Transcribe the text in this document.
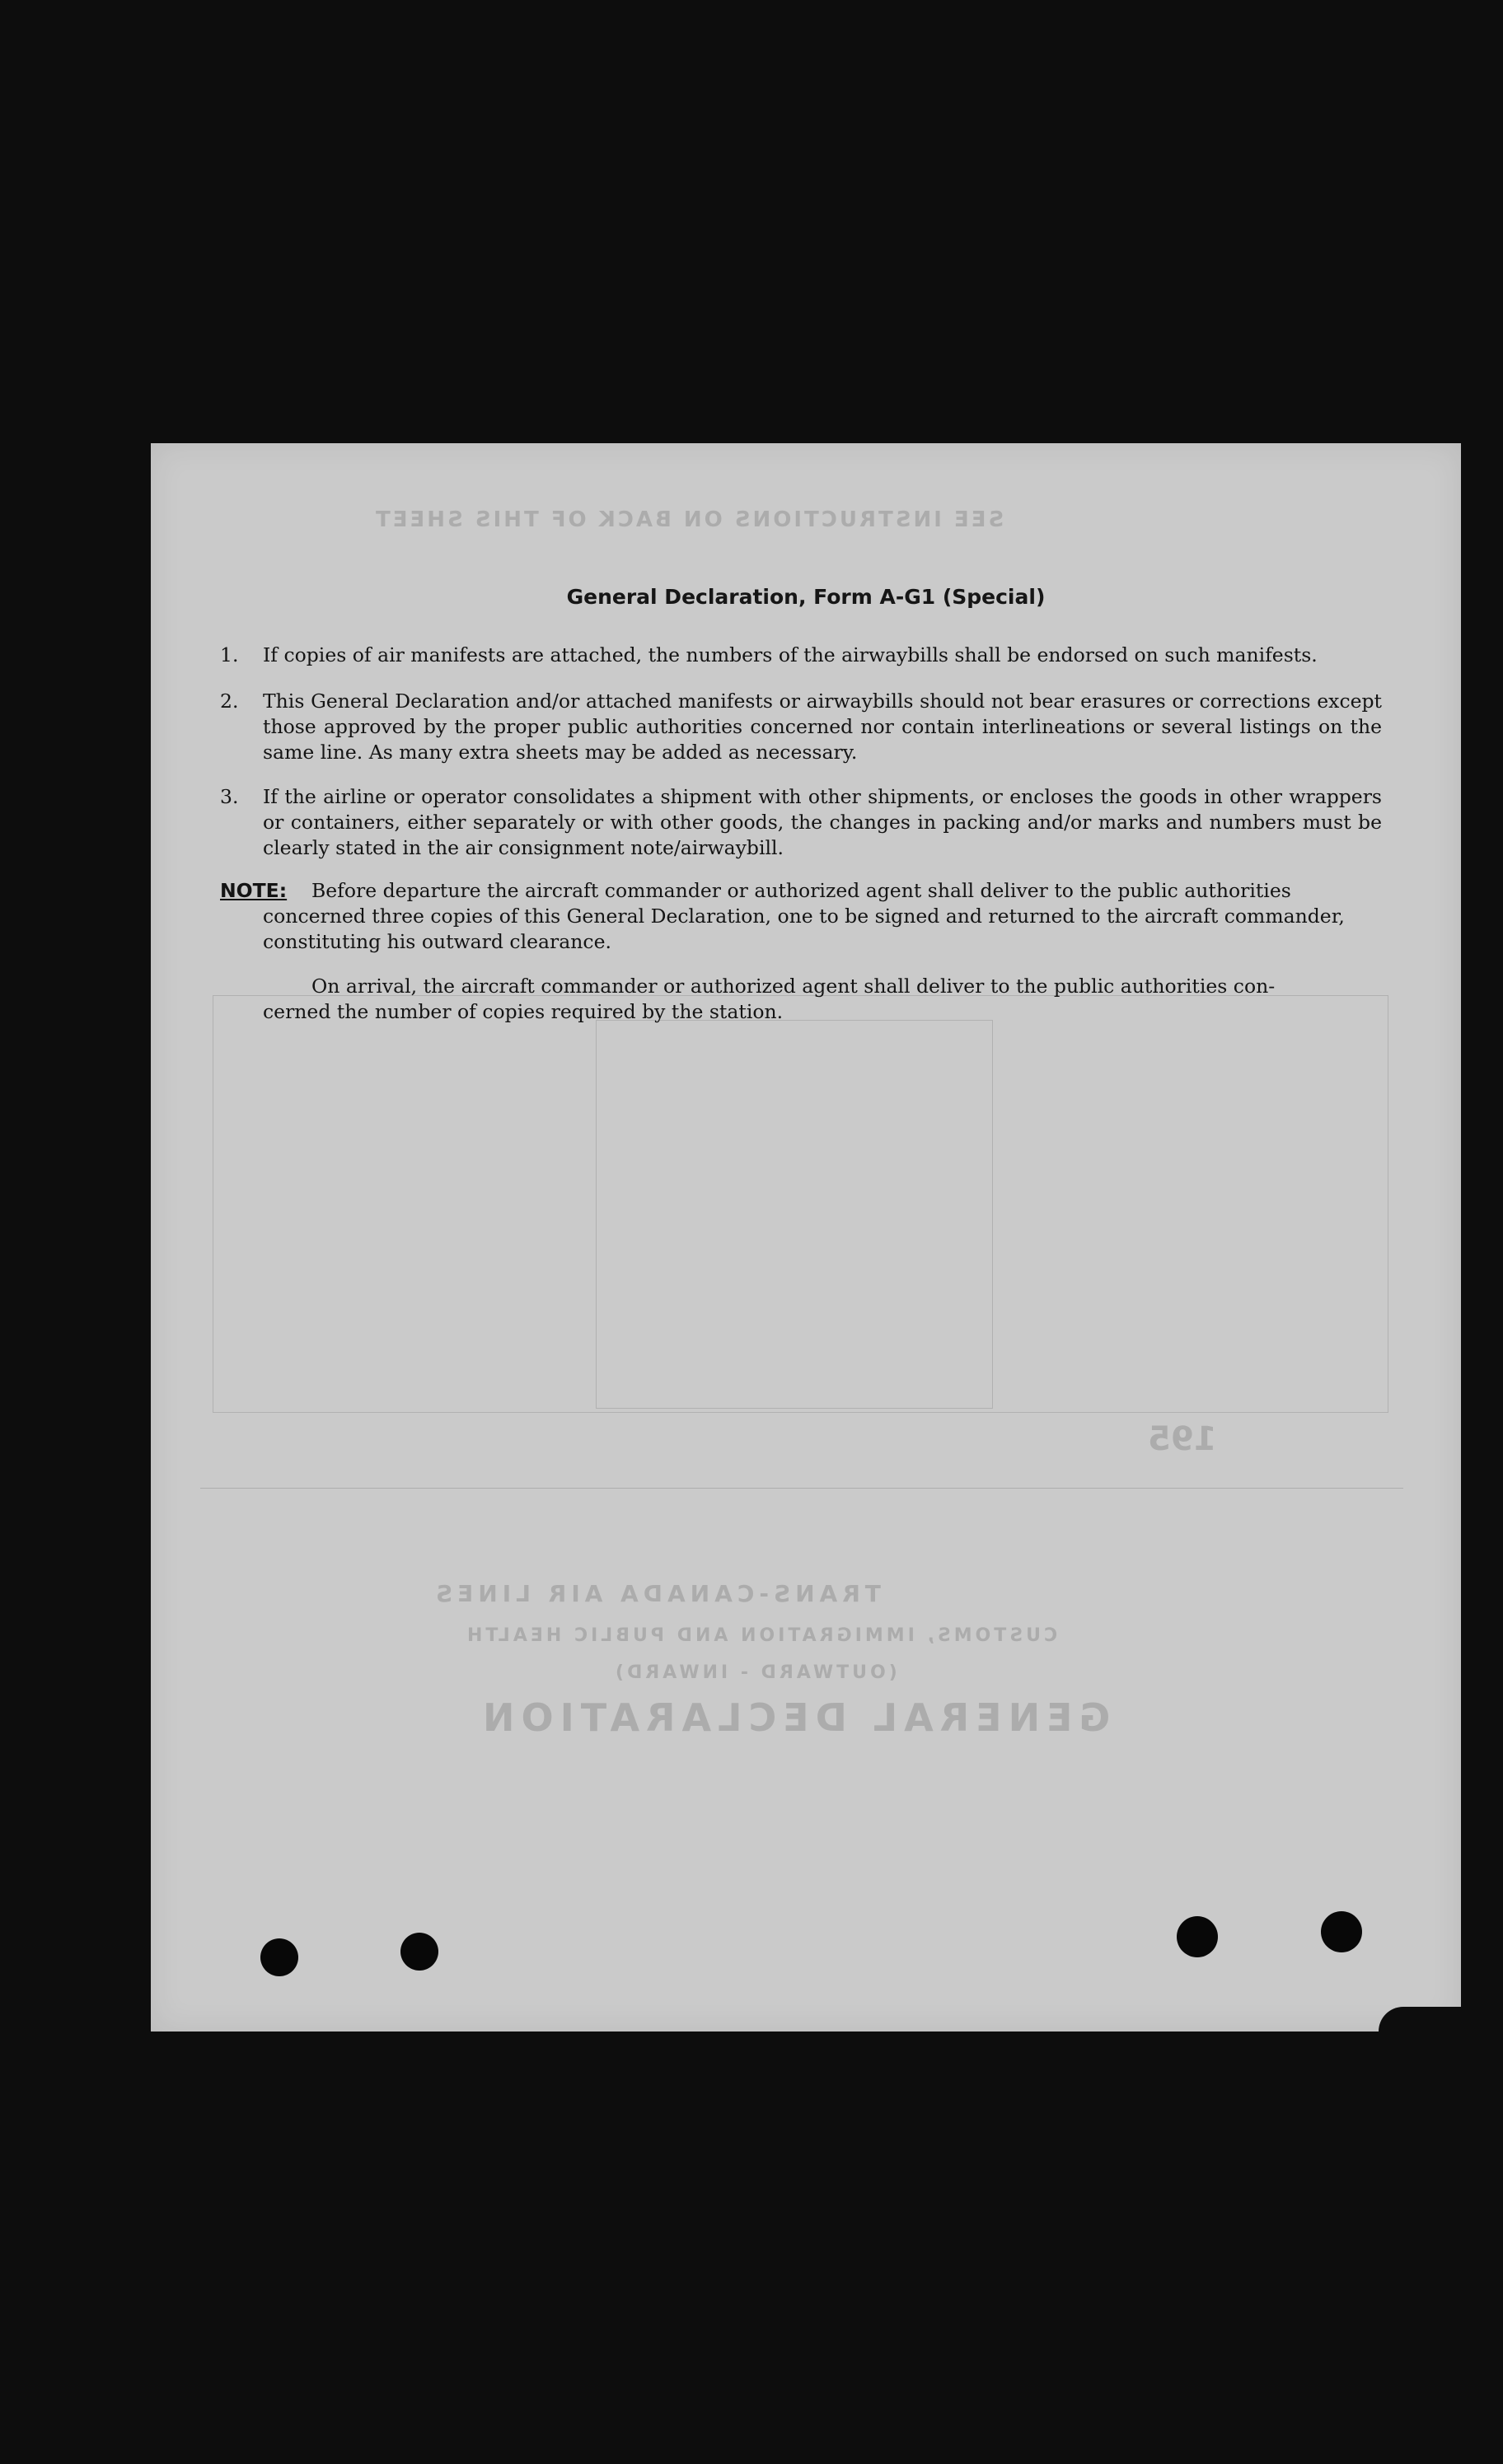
SEE INSTRUCTIONS ON BACK OF THIS SHEET
GENERAL DECLARATION
(OUTWARD - INWARD)
CUSTOMS, IMMIGRATION AND PUBLIC HEALTH
TRANS-CANADA AIR LINES
195
General Declaration, Form A-G1 (Special)
1. If copies of air manifests are attached, the numbers of the airwaybills shall be endorsed on such manifests.
2. This General Declaration and/or attached manifests or airwaybills should not bear erasures or corrections except those approved by the proper public authorities concerned nor contain interlineations or several listings on the same line. As many extra sheets may be added as necessary.
3. If the airline or operator consolidates a shipment with other shipments, or encloses the goods in other wrappers or containers, either separately or with other goods, the changes in packing and/or marks and numbers must be clearly stated in the air consignment note/airwaybill.
NOTE: Before departure the aircraft commander or authorized agent shall deliver to the public authorities
concerned three copies of this General Declaration, one to be signed and returned to the aircraft commander, constituting his outward clearance.
On arrival, the aircraft commander or authorized agent shall deliver to the public authorities con-
cerned the number of copies required by the station.
